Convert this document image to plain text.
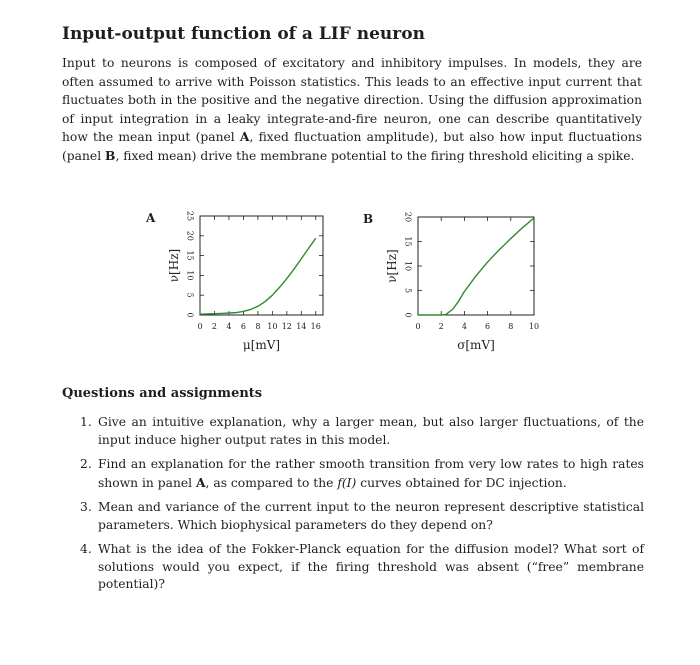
Input-output function of a LIF neuron

Input to neurons is composed of excitatory and inhibitory impulses. In models, they are often assumed to arrive with Poisson statistics. This leads to an effective input current that fluctuates both in the positive and the negative direction. Using the diffusion approximation of input integration in a leaky integrate-and-fire neuron, one can describe quantitatively how the mean input (panel A, fixed fluctuation amplitude), but also how input fluctuations (panel B, fixed mean) drive the membrane potential to the firing threshold eliciting a spike.

0 2 4 6 8 10 12 14 16
0
5
10
15
20
25
μ[mV]
ν[Hz]
A
0 2 4 6 8 10
0
5
10
15
20
σ[mV]
ν[Hz]
B
Questions and assignments
1. Give an intuitive explanation, why a larger mean, but also larger fluctuations, of the input induce higher output rates in this model.
2. Find an explanation for the rather smooth transition from very low rates to high rates shown in panel A, as compared to the f(I) curves obtained for DC injection.
3. Mean and variance of the current input to the neuron represent descriptive statistical parameters. Which biophysical parameters do they depend on?
4. What is the idea of the Fokker-Planck equation for the diffusion model? What sort of solutions would you expect, if the firing threshold was absent (“free” membrane potential)?
